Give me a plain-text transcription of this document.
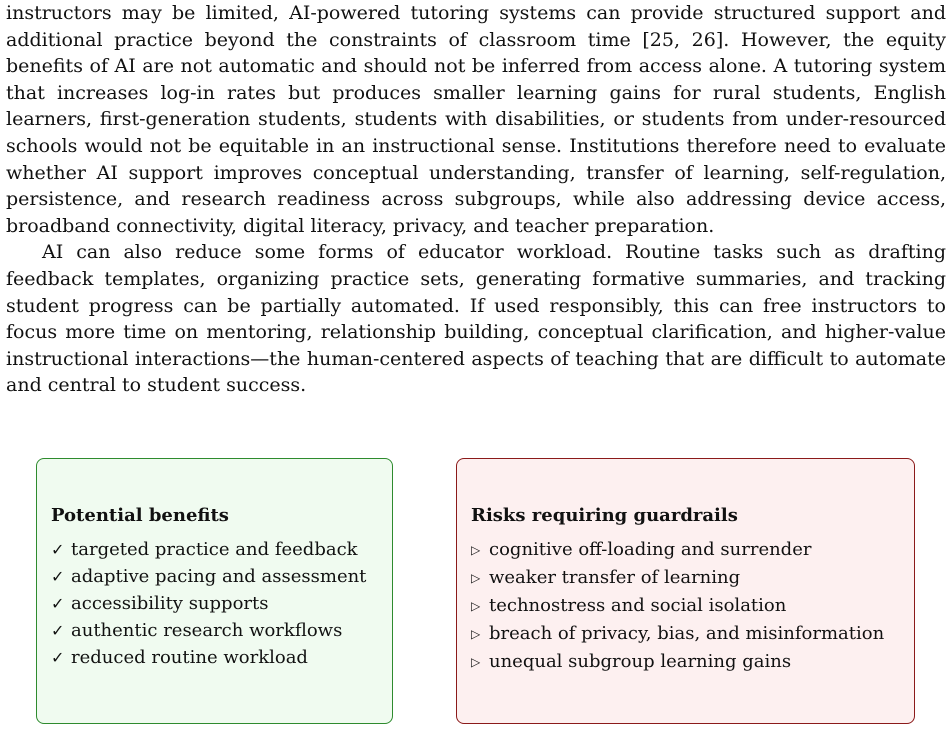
instructors may be limited, AI-powered tutoring systems can provide structured support and additional practice beyond the constraints of classroom time [25, 26]. However, the equity benefits of AI are not automatic and should not be inferred from access alone. A tutoring system that increases log-in rates but produces smaller learning gains for rural students, English learners, first-generation students, students with disabilities, or students from under-resourced schools would not be equitable in an instructional sense. Institutions therefore need to evaluate whether AI support improves conceptual understanding, transfer of learning, self-regulation, persistence, and research readiness across subgroups, while also addressing device access, broadband connectivity, digital literacy, privacy, and teacher preparation.

AI can also reduce some forms of educator workload. Routine tasks such as drafting feedback templates, organizing practice sets, generating formative summaries, and tracking student progress can be partially automated. If used responsibly, this can free instructors to focus more time on mentoring, relationship building, conceptual clarification, and higher-value instructional interactions—the human-centered aspects of teaching that are difficult to automate and central to student success.

Potential benefits

✓ targeted practice and feedback
✓ adaptive pacing and assessment
✓ accessibility supports
✓ authentic research workflows
✓ reduced routine workload

Risks requiring guardrails

▷ cognitive off-loading and surrender
▷ weaker transfer of learning
▷ technostress and social isolation
▷ breach of privacy, bias, and misinformation
▷ unequal subgroup learning gains
